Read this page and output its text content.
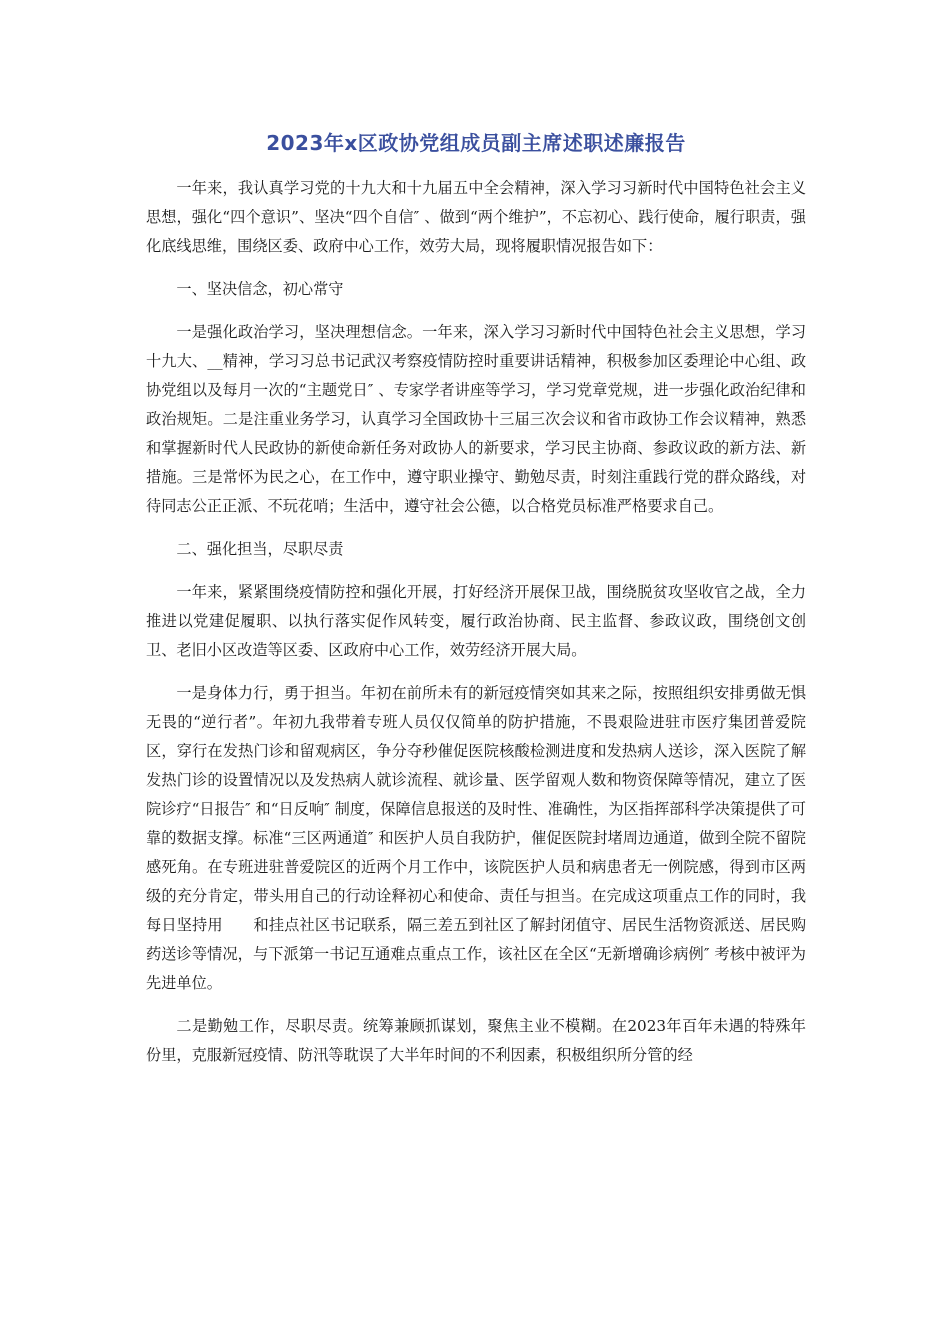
2023年x区政协党组成员副主席述职述廉报告

一年来，我认真学习党的十九大和十九届五中全会精神，深入学习习新时代中国特色社会主义思想，强化“四个意识”、坚决“四个自信″ 、做到“两个维护”，不忘初心、践行使命，履行职责，强化底线思维，围绕区委、政府中心工作，效劳大局，现将履职情况报告如下：

一、坚决信念，初心常守

一是强化政治学习，坚决理想信念。一年来，深入学习习新时代中国特色社会主义思想，学习十九大、__精神，学习习总书记武汉考察疫情防控时重要讲话精神，积极参加区委理论中心组、政协党组以及每月一次的“主题党日″ 、专家学者讲座等学习，学习党章党规，进一步强化政治纪律和政治规矩。二是注重业务学习，认真学习全国政协十三届三次会议和省市政协工作会议精神，熟悉和掌握新时代人民政协的新使命新任务对政协人的新要求，学习民主协商、参政议政的新方法、新措施。三是常怀为民之心，在工作中，遵守职业操守、勤勉尽责，时刻注重践行党的群众路线，对待同志公正正派、不玩花哨；生活中，遵守社会公德，以合格党员标准严格要求自己。

二、强化担当，尽职尽责

一年来，紧紧围绕疫情防控和强化开展，打好经济开展保卫战，围绕脱贫攻坚收官之战，全力推进以党建促履职、以执行落实促作风转变，履行政治协商、民主监督、参政议政，围绕创文创卫、老旧小区改造等区委、区政府中心工作，效劳经济开展大局。

一是身体力行，勇于担当。年初在前所未有的新冠疫情突如其来之际，按照组织安排勇做无惧无畏的“逆行者”。年初九我带着专班人员仅仅简单的防护措施，不畏艰险进驻市医疗集团普爱院区，穿行在发热门诊和留观病区，争分夺秒催促医院核酸检测进度和发热病人送诊，深入医院了解发热门诊的设置情况以及发热病人就诊流程、就诊量、医学留观人数和物资保障等情况，建立了医院诊疗“日报告″ 和“日反响″ 制度，保障信息报送的及时性、准确性，为区指挥部科学决策提供了可靠的数据支撑。标准“三区两通道″ 和医护人员自我防护，催促医院封堵周边通道，做到全院不留院感死角。在专班进驻普爱院区的近两个月工作中，该院医护人员和病患者无一例院感，得到市区两级的充分肯定，带头用自己的行动诠释初心和使命、责任与担当。在完成这项重点工作的同时，我每日坚持用　　和挂点社区书记联系，隔三差五到社区了解封闭值守、居民生活物资派送、居民购药送诊等情况，与下派第一书记互通难点重点工作，该社区在全区“无新增确诊病例″ 考核中被评为先进单位。

二是勤勉工作，尽职尽责。统筹兼顾抓谋划，聚焦主业不模糊。在2023年百年未遇的特殊年份里，克服新冠疫情、防汛等耽误了大半年时间的不利因素，积极组织所分管的经
